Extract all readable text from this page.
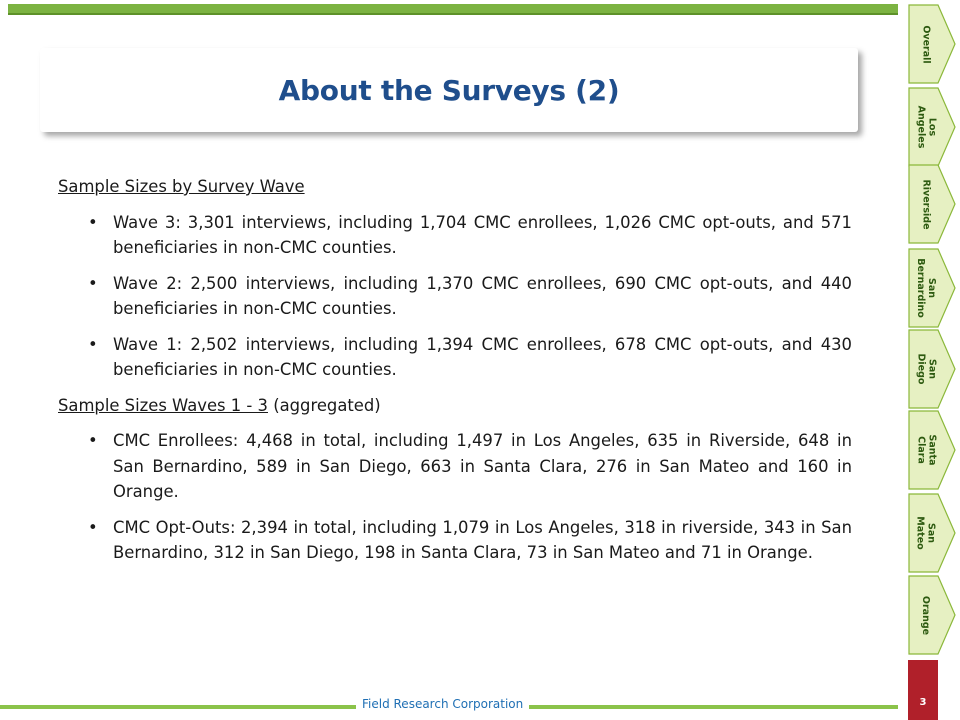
About the Surveys (2)
Sample Sizes by Survey Wave
• Wave 3: 3,301 interviews, including 1,704 CMC enrollees, 1,026 CMC opt-outs, and 571 beneficiaries in non-CMC counties.
• Wave 2: 2,500 interviews, including 1,370 CMC enrollees, 690 CMC opt-outs, and 440 beneficiaries in non-CMC counties.
• Wave 1: 2,502 interviews, including 1,394 CMC enrollees, 678 CMC opt-outs, and 430 beneficiaries in non-CMC counties.
Sample Sizes Waves 1 - 3 (aggregated)
• CMC Enrollees: 4,468 in total, including 1,497 in Los Angeles, 635 in Riverside, 648 in San Bernardino, 589 in San Diego, 663 in Santa Clara, 276 in San Mateo and 160 in Orange.
• CMC Opt-Outs: 2,394 in total, including 1,079 in Los Angeles, 318 in riverside, 343 in San Bernardino, 312 in San Diego, 198 in Santa Clara, 73 in San Mateo and 71 in Orange.
Overall
Los
Angeles
Riverside
San
Bernardino
San
Diego
Santa
Clara
San
Mateo
Orange
3
Field Research Corporation
